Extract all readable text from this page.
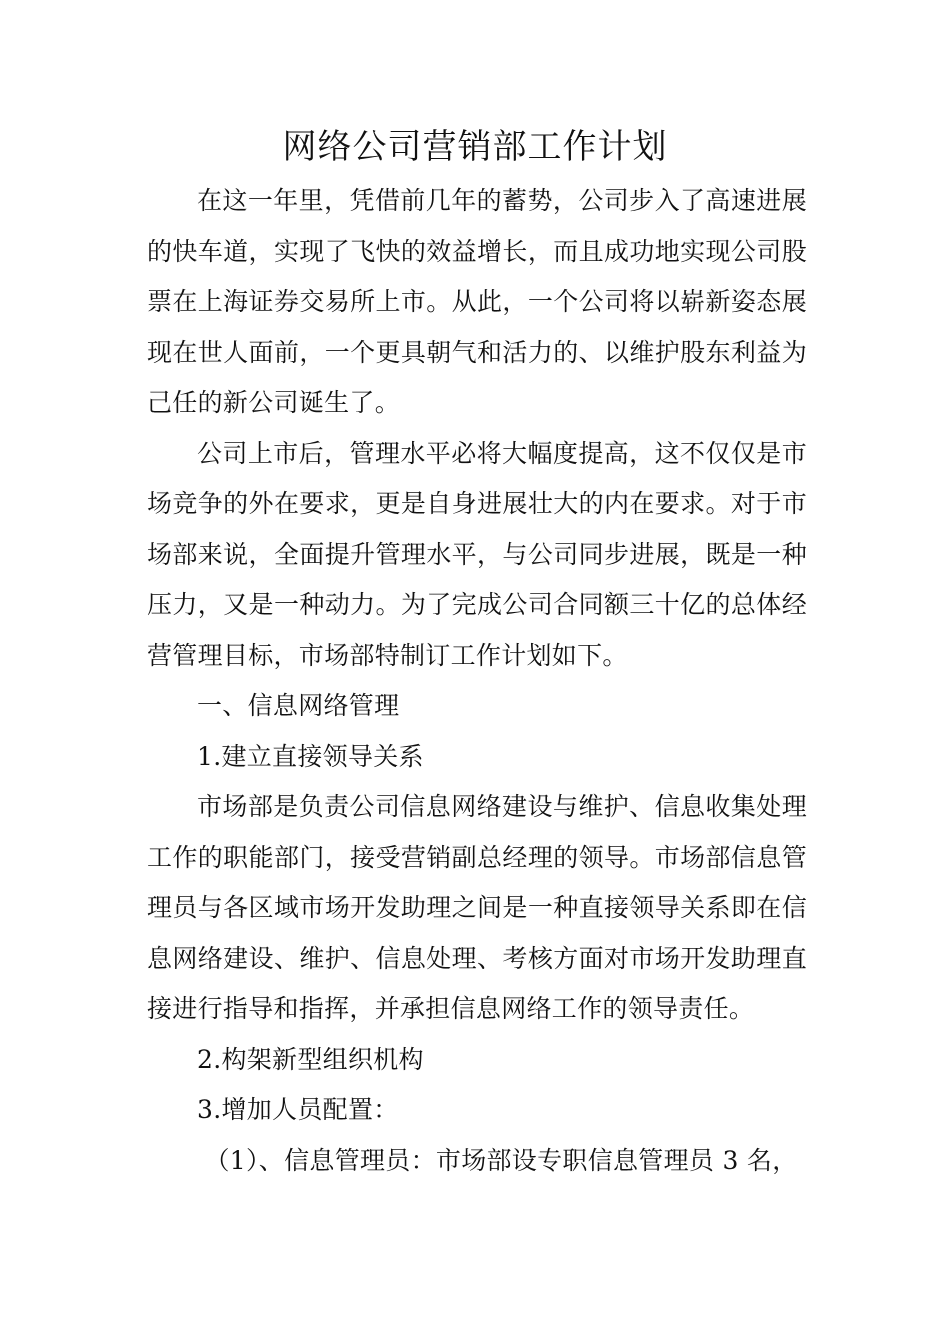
网络公司营销部工作计划

在这一年里，凭借前几年的蓄势，公司步入了高速进展的快车道，实现了飞快的效益增长，而且成功地实现公司股票在上海证券交易所上市。从此，一个公司将以崭新姿态展现在世人面前，一个更具朝气和活力的、以维护股东利益为己任的新公司诞生了。

公司上市后，管理水平必将大幅度提高，这不仅仅是市场竞争的外在要求，更是自身进展壮大的内在要求。对于市场部来说，全面提升管理水平，与公司同步进展，既是一种压力，又是一种动力。为了完成公司合同额三十亿的总体经营管理目标，市场部特制订工作计划如下。

一、信息网络管理

1.建立直接领导关系

市场部是负责公司信息网络建设与维护、信息收集处理工作的职能部门，接受营销副总经理的领导。市场部信息管理员与各区域市场开发助理之间是一种直接领导关系即在信息网络建设、维护、信息处理、考核方面对市场开发助理直接进行指导和指挥，并承担信息网络工作的领导责任。

2.构架新型组织机构

3.增加人员配置：

（1）、信息管理员：市场部设专职信息管理员 3 名，
